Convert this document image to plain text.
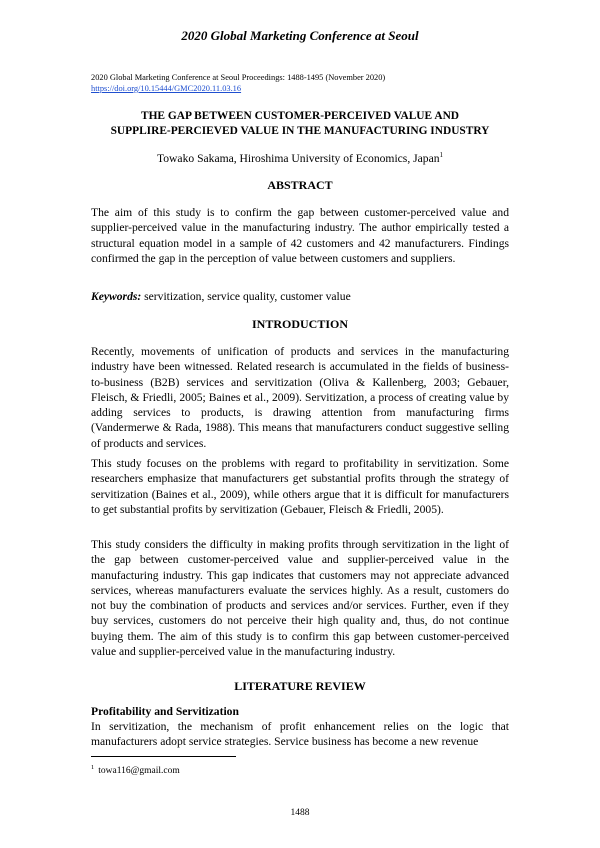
2020 Global Marketing Conference at Seoul
2020 Global Marketing Conference at Seoul Proceedings: 1488-1495 (November 2020)
https://doi.org/10.15444/GMC2020.11.03.16
THE GAP BETWEEN CUSTOMER-PERCEIVED VALUE AND
SUPPLIRE-PERCIEVED VALUE IN THE MANUFACTURING INDUSTRY
Towako Sakama, Hiroshima University of Economics, Japan$^1$
ABSTRACT
The aim of this study is to confirm the gap between customer-perceived value and supplier-perceived value in the manufacturing industry. The author empirically tested a structural equation model in a sample of 42 customers and 42 manufacturers. Findings confirmed the gap in the perception of value between customers and suppliers.
Keywords: servitization, service quality, customer value
INTRODUCTION
Recently, movements of unification of products and services in the manufacturing industry have been witnessed. Related research is accumulated in the fields of business-to-business (B2B) services and servitization (Oliva & Kallenberg, 2003; Gebauer, Fleisch, & Friedli, 2005; Baines et al., 2009). Servitization, a process of creating value by adding services to products, is drawing attention from manufacturing firms (Vandermerwe & Rada, 1988). This means that manufacturers conduct suggestive selling of products and services.
This study focuses on the problems with regard to profitability in servitization. Some researchers emphasize that manufacturers get substantial profits through the strategy of servitization (Baines et al., 2009), while others argue that it is difficult for manufacturers to get substantial profits by servitization (Gebauer, Fleisch & Friedli, 2005).
This study considers the difficulty in making profits through servitization in the light of the gap between customer-perceived value and supplier-perceived value in the manufacturing industry. This gap indicates that customers may not appreciate advanced services, whereas manufacturers evaluate the services highly. As a result, customers do not buy the combination of products and services and/or services. Further, even if they buy services, customers do not perceive their high quality and, thus, do not continue buying them. The aim of this study is to confirm this gap between customer-perceived value and supplier-perceived value in the manufacturing industry.
LITERATURE REVIEW
Profitability and Servitization
In servitization, the mechanism of profit enhancement relies on the logic that manufacturers adopt service strategies. Service business has become a new revenue
$^1$ towa116@gmail.com
1488
